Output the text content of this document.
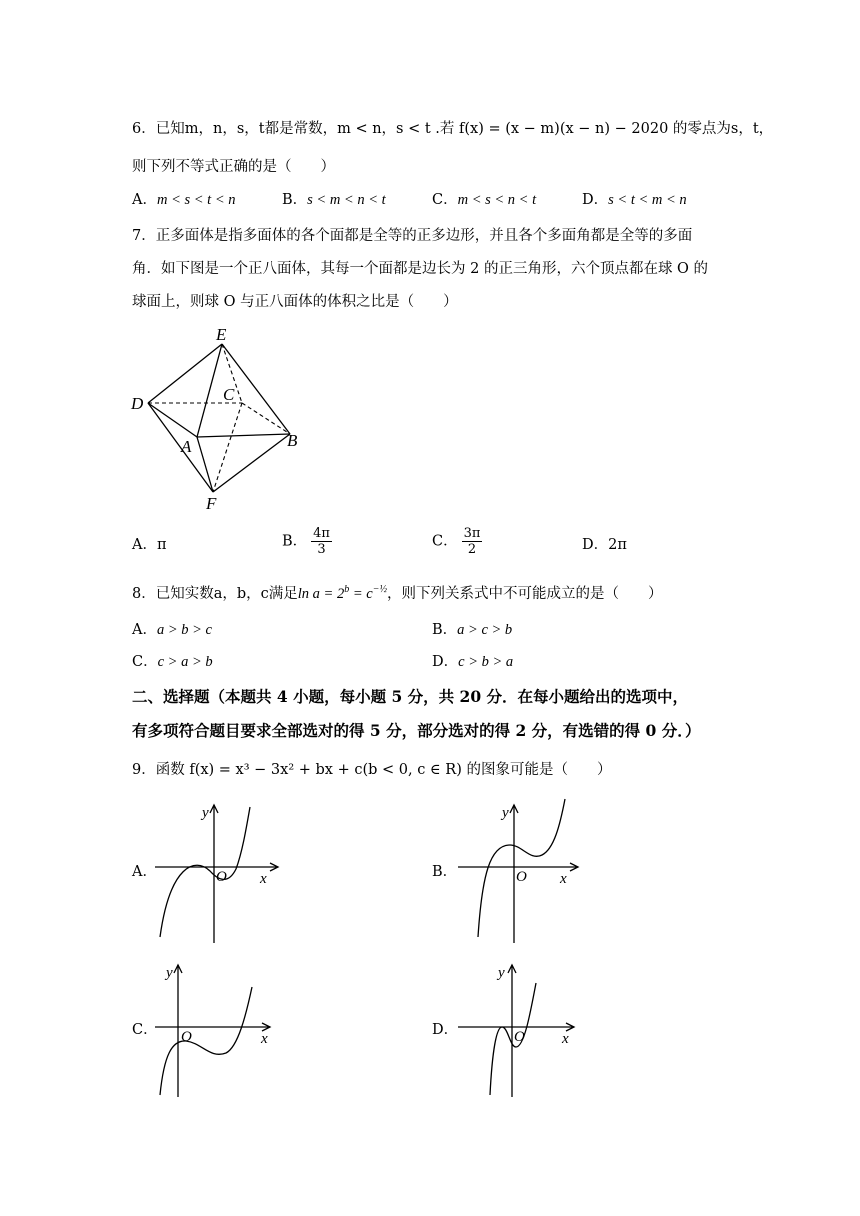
6．已知m，n，s，t都是常数，m < n，s < t .若 f(x) = (x − m)(x − n) − 2020 的零点为s，t，
则下列不等式正确的是（　　）
A．m < s < t < n	B．s < m < n < t	C．m < s < n < t	D．s < t < m < n
7．正多面体是指多面体的各个面都是全等的正多边形，并且各个多面角都是全等的多面
角．如下图是一个正八面体，其每一个面都是边长为 2 的正三角形，六个顶点都在球 O 的
球面上，则球 O 与正八面体的体积之比是（　　）
E
D	C
A	B
F
A．π	B． $\frac{4\pi}{3}$	C． $\frac{3\pi}{2}$	D．2π
8．已知实数a，b，c满足$\ln a = 2^b = c^{-\frac{1}{2}}$，则下列关系式中不可能成立的是（　　）
A．a > b > c	B．a > c > b
C．c > a > b	D．c > b > a
二、选择题（本题共 4 小题，每小题 5 分，共 20 分．在每小题给出的选项中，
有多项符合题目要求全部选对的得 5 分，部分选对的得 2 分，有选错的得 0 分．）
9．函数 f(x) = x³ − 3x² + bx + c(b < 0, c ∈ R) 的图象可能是（　　）
A．
y
O x	B．
y
O x
C．
y
O	x
D．
y
O x
